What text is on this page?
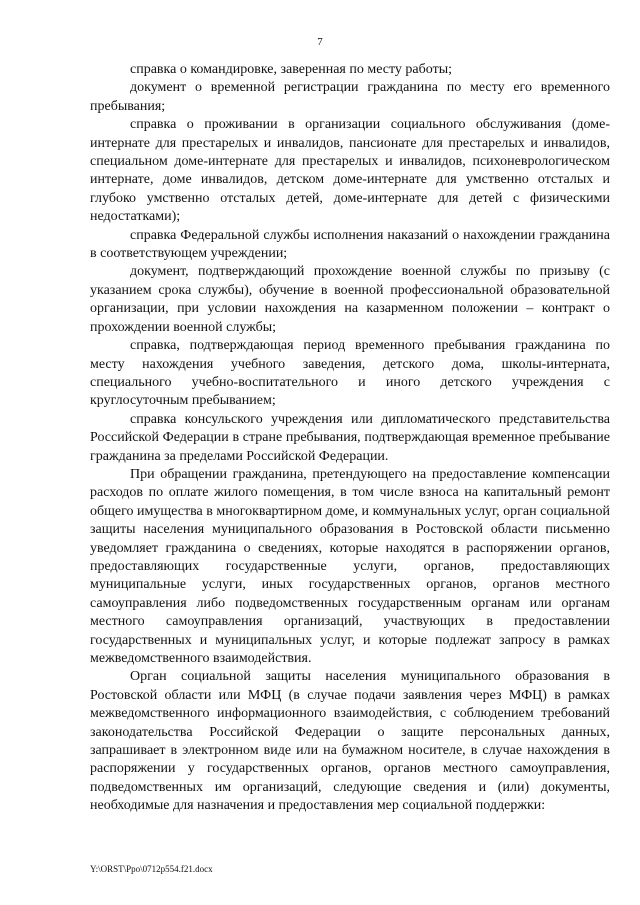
7

справка о командировке, заверенная по месту работы;

документ о временной регистрации гражданина по месту его временного пребывания;

справка о проживании в организации социального обслуживания (доме-интернате для престарелых и инвалидов, пансионате для престарелых и инвалидов, специальном доме-интернате для престарелых и инвалидов, психоневрологическом интернате, доме инвалидов, детском доме-интернате для умственно отсталых и глубоко умственно отсталых детей, доме-интернате для детей с физическими недостатками);

справка Федеральной службы исполнения наказаний о нахождении гражданина в соответствующем учреждении;

документ, подтверждающий прохождение военной службы по призыву (с указанием срока службы), обучение в военной профессиональной образовательной организации, при условии нахождения на казарменном положении – контракт о прохождении военной службы;

справка, подтверждающая период временного пребывания гражданина по месту нахождения учебного заведения, детского дома, школы-интерната, специального учебно-воспитательного и иного детского учреждения с круглосуточным пребыванием;

справка консульского учреждения или дипломатического представительства Российской Федерации в стране пребывания, подтверждающая временное пребывание гражданина за пределами Российской Федерации.

При обращении гражданина, претендующего на предоставление компенсации расходов по оплате жилого помещения, в том числе взноса на капитальный ремонт общего имущества в многоквартирном доме, и коммунальных услуг, орган социальной защиты населения муниципального образования в Ростовской области письменно уведомляет гражданина о сведениях, которые находятся в распоряжении органов, предоставляющих государственные услуги, органов, предоставляющих муниципальные услуги, иных государственных органов, органов местного самоуправления либо подведомственных государственным органам или органам местного самоуправления организаций, участвующих в предоставлении государственных и муниципальных услуг, и которые подлежат запросу в рамках межведомственного взаимодействия.

Орган социальной защиты населения муниципального образования в Ростовской области или МФЦ (в случае подачи заявления через МФЦ) в рамках межведомственного информационного взаимодействия, с соблюдением требований законодательства Российской Федерации о защите персональных данных, запрашивает в электронном виде или на бумажном носителе, в случае нахождения в распоряжении у государственных органов, органов местного самоуправления, подведомственных им организаций, следующие сведения и (или) документы, необходимые для назначения и предоставления мер социальной поддержки:

Y:\ORST\Ppo\0712p554.f21.docx
